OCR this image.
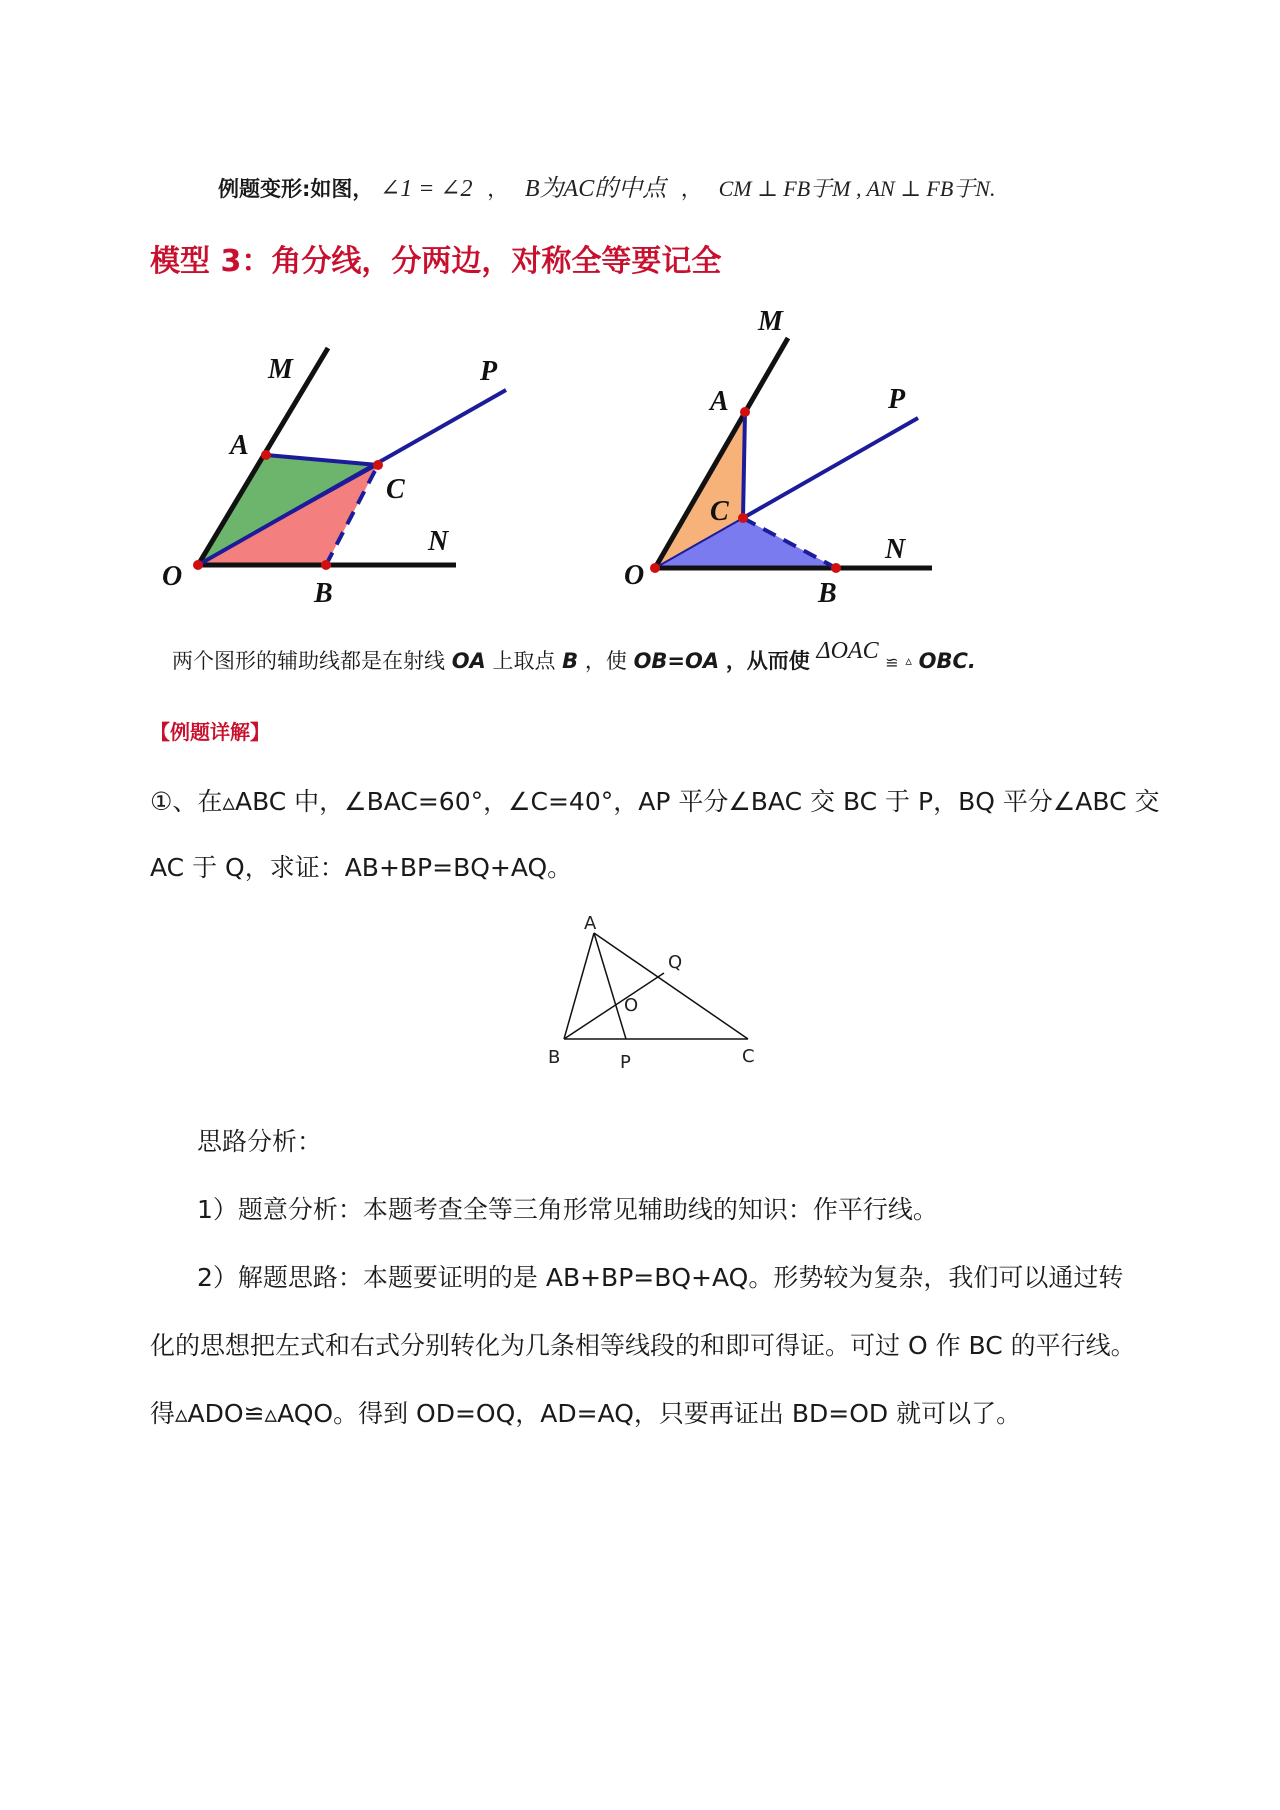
例题变形:如图， ∠1 = ∠2 ， B为AC的中点 ， CM ⊥ FB于M , AN ⊥ FB于N.
模型 3：角分线，分两边，对称全等要记全
M	P
A
C
N
O
B
M
P
A
C
N
O
B
两个图形的辅助线都是在射线 OA 上取点 B ，使 OB=OA ，从而使 ΔOAC ≌ ▵ OBC.
【例题详解】
①、在▵ABC 中，∠BAC=60°，∠C=40°，AP 平分∠BAC 交 BC 于 P，BQ 平分∠ABC 交
AC 于 Q，求证：AB+BP=BQ+AQ。
A
Q
O
B	P	C
思路分析：
1）题意分析：本题考查全等三角形常见辅助线的知识：作平行线。
2）解题思路：本题要证明的是 AB+BP=BQ+AQ。形势较为复杂，我们可以通过转
化的思想把左式和右式分别转化为几条相等线段的和即可得证。可过 O 作 BC 的平行线。
得▵ADO≌▵AQO。得到 OD=OQ，AD=AQ，只要再证出 BD=OD 就可以了。
